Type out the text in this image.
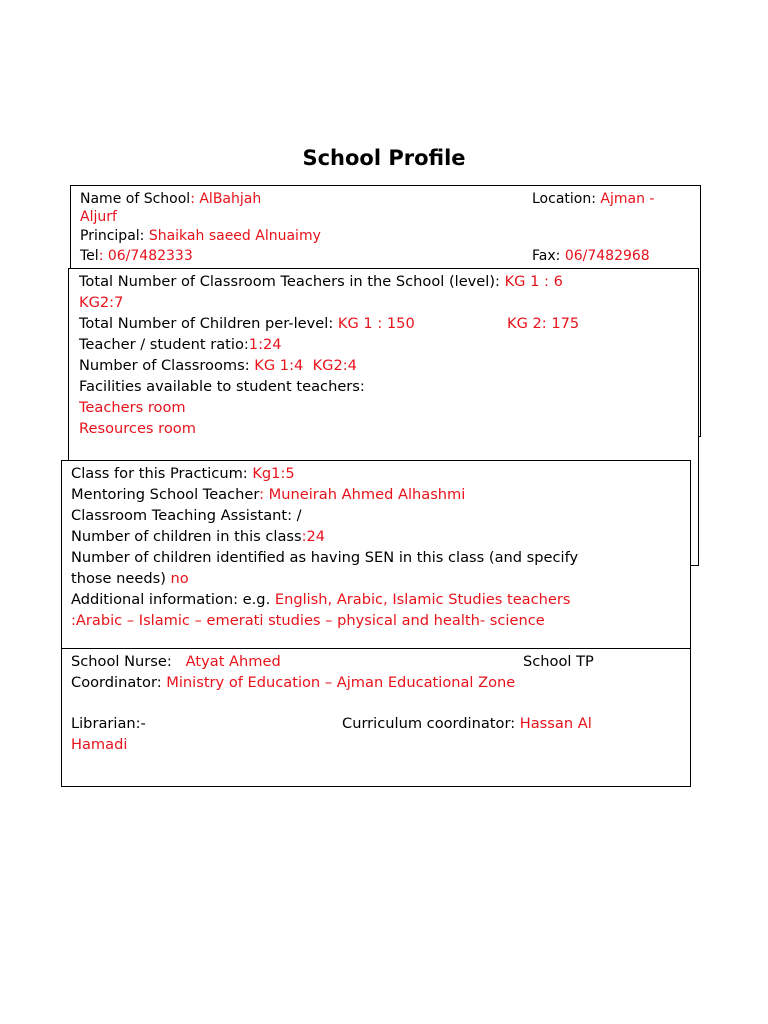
School Profile
Name of School: AlBahjah	Location: Ajman -
Aljurf
Principal: Shaikah saeed Alnuaimy
Tel: 06/7482333	Fax: 06/7482968
Total Number of Classroom Teachers in the School (level): KG 1 : 6
KG2:7
Total Number of Children per-level: KG 1 : 150	KG 2: 175
Teacher / student ratio:1:24
Number of Classrooms: KG 1:4  KG2:4
Facilities available to student teachers:
Teachers room
Resources room
Class for this Practicum: Kg1:5
Mentoring School Teacher: Muneirah Ahmed Alhashmi
Classroom Teaching Assistant: /
Number of children in this class:24
Number of children identified as having SEN in this class (and specify
those needs) no
Additional information: e.g. English, Arabic, Islamic Studies teachers
:Arabic – Islamic – emerati studies – physical and health- science
School Nurse:   Atyat Ahmed	School TP
Coordinator: Ministry of Education – Ajman Educational Zone
Librarian:-	Curriculum coordinator: Hassan Al
Hamadi
